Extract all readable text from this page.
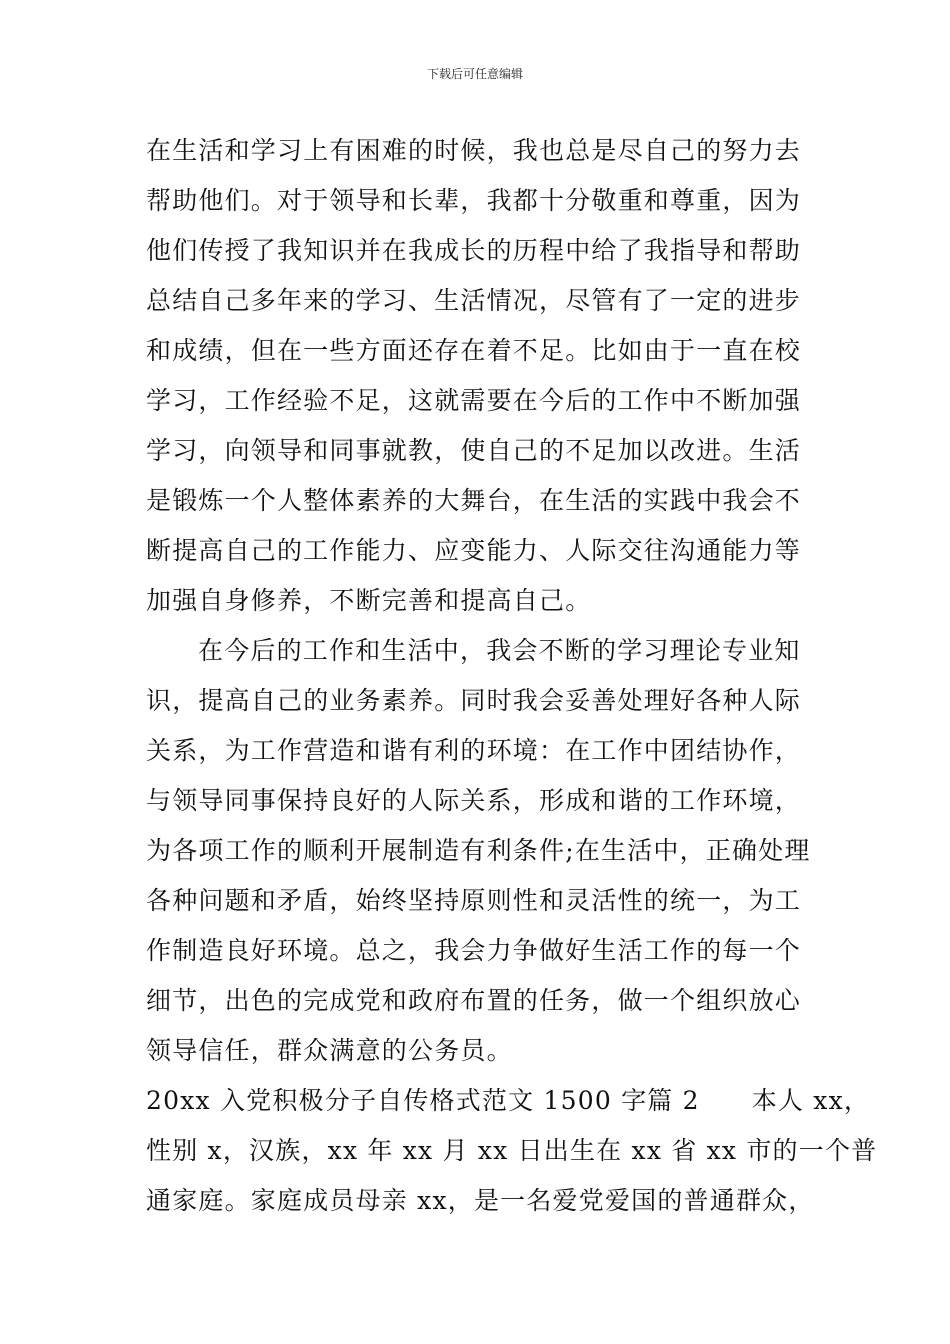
下载后可任意编辑
在生活和学习上有困难的时候，我也总是尽自己的努力去
帮助他们。对于领导和长辈，我都十分敬重和尊重，因为
他们传授了我知识并在我成长的历程中给了我指导和帮助
总结自己多年来的学习、生活情况，尽管有了一定的进步
和成绩，但在一些方面还存在着不足。比如由于一直在校
学习，工作经验不足，这就需要在今后的工作中不断加强
学习，向领导和同事就教，使自己的不足加以改进。生活
是锻炼一个人整体素养的大舞台，在生活的实践中我会不
断提高自己的工作能力、应变能力、人际交往沟通能力等
加强自身修养，不断完善和提高自己。
在今后的工作和生活中，我会不断的学习理论专业知
识，提高自己的业务素养。同时我会妥善处理好各种人际
关系，为工作营造和谐有利的环境：在工作中团结协作，
与领导同事保持良好的人际关系，形成和谐的工作环境，
为各项工作的顺利开展制造有利条件;在生活中，正确处理
各种问题和矛盾，始终坚持原则性和灵活性的统一，为工
作制造良好环境。总之，我会力争做好生活工作的每一个
细节，出色的完成党和政府布置的任务，做一个组织放心
领导信任，群众满意的公务员。
20xx 入党积极分子自传格式范文 1500 字篇 2 本人 xx，
性别 x，汉族，xx 年 xx 月 xx 日出生在 xx 省 xx 市的一个普
通家庭。家庭成员母亲 xx，是一名爱党爱国的普通群众，
